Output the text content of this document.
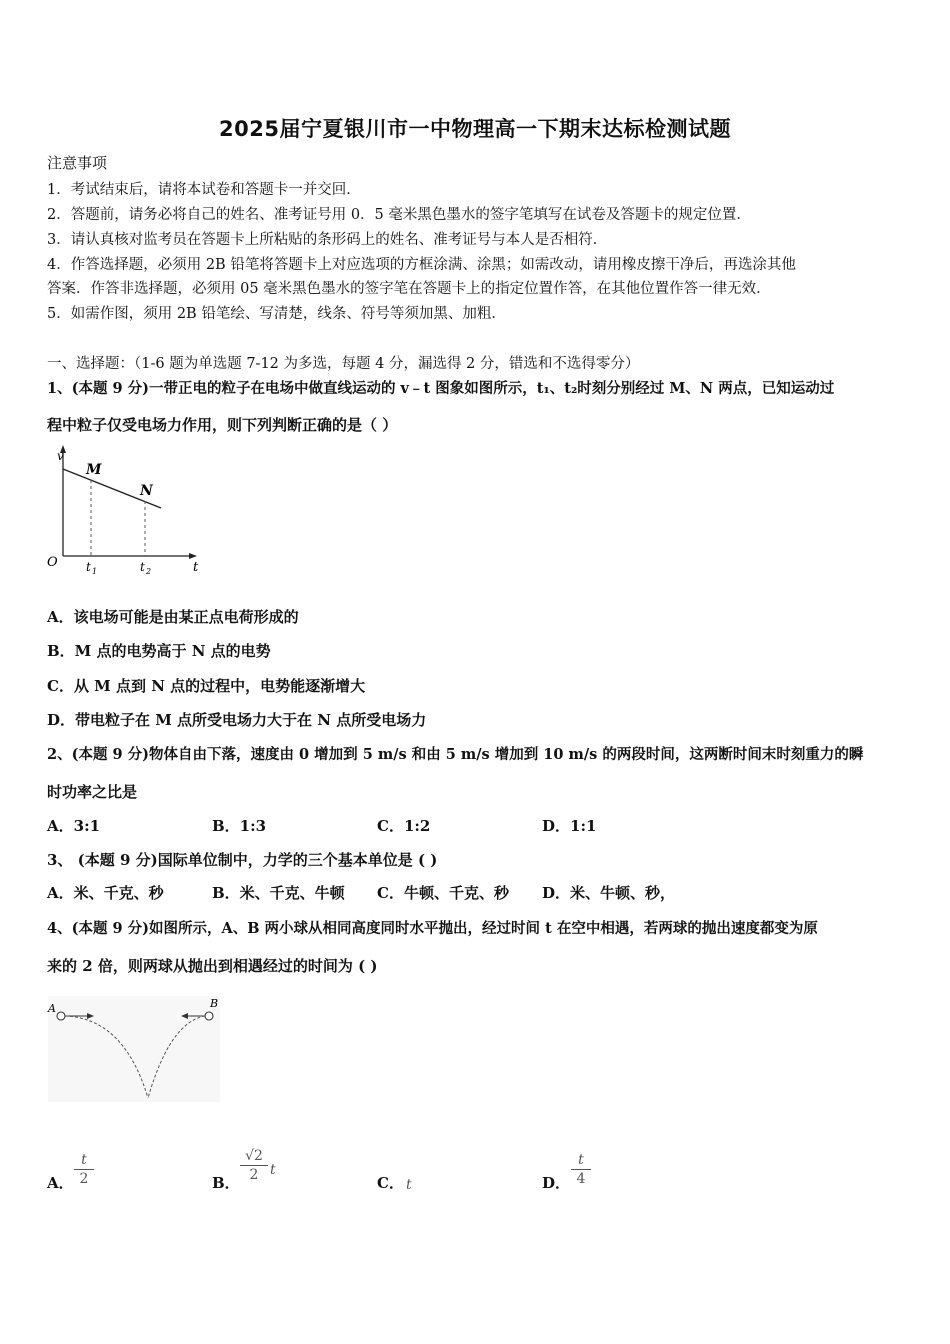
2025届宁夏银川市一中物理高一下期末达标检测试题
注意事项
1．考试结束后，请将本试卷和答题卡一并交回．
2．答题前，请务必将自己的姓名、准考证号用 0．5 毫米黑色墨水的签字笔填写在试卷及答题卡的规定位置．
3．请认真核对监考员在答题卡上所粘贴的条形码上的姓名、准考证号与本人是否相符．
4．作答选择题，必须用 2B 铅笔将答题卡上对应选项的方框涂满、涂黑；如需改动，请用橡皮擦干净后，再选涂其他
答案．作答非选择题，必须用 05 毫米黑色墨水的签字笔在答题卡上的指定位置作答，在其他位置作答一律无效．
5．如需作图，须用 2B 铅笔绘、写清楚，线条、符号等须加黑、加粗．
一、选择题：（1-6 题为单选题 7-12 为多选，每题 4 分，漏选得 2 分，错选和不选得零分）
1、(本题 9 分)一带正电的粒子在电场中做直线运动的 v﹣t 图象如图所示，t₁、t₂时刻分别经过 M、N 两点，已知运动过
程中粒子仅受电场力作用，则下列判断正确的是（ ）
v
M
N
O t 1	t 2	t
A．该电场可能是由某正点电荷形成的
B．M 点的电势高于 N 点的电势
C．从 M 点到 N 点的过程中，电势能逐渐增大
D．带电粒子在 M 点所受电场力大于在 N 点所受电场力
2、(本题 9 分)物体自由下落，速度由 0 增加到 5 m/s 和由 5 m/s 增加到 10 m/s 的两段时间，这两断时间末时刻重力的瞬
时功率之比是
A．3:1	B．1:3	C．1:2	D．1:1
3、 (本题 9 分)国际单位制中，力学的三个基本单位是 ( )
A．米、千克、秒	B．米、千克、牛顿 C．牛顿、千克、秒 D．米、牛顿、秒，
4、(本题 9 分)如图所示，A、B 两小球从相同高度同时水平抛出，经过时间 t 在空中相遇，若两球的抛出速度都变为原
来的 2 倍，则两球从抛出到相遇经过的时间为 ( )
A	B
A．
t
2	B．
√2
2 t
C． t	D．
t
4
